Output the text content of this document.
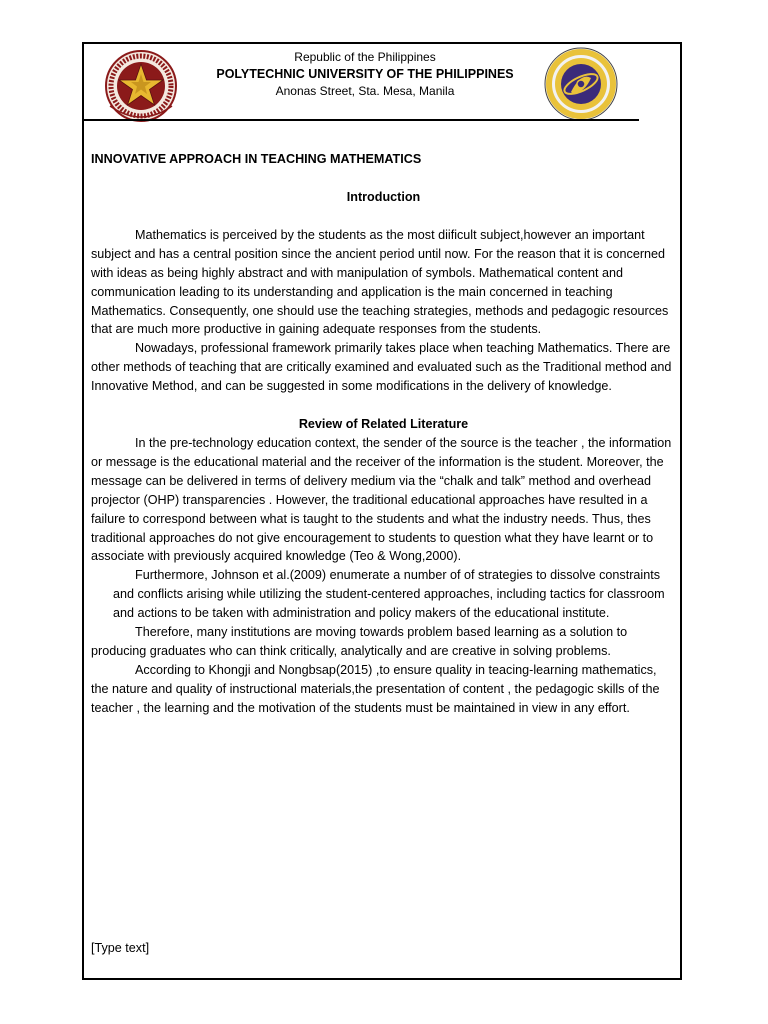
Republic of the Philippines
POLYTECHNIC UNIVERSITY OF THE PHILIPPINES
Anonas Street, Sta. Mesa, Manila
INNOVATIVE APPROACH IN TEACHING MATHEMATICS
Introduction

Mathematics is perceived by the students as the most diificult subject,however an important subject and has a central position since the ancient period until now. For the reason that it is concerned with ideas as being highly abstract and with manipulation of symbols. Mathematical content and communication leading to its understanding and application is the main concerned in teaching Mathematics. Consequently, one should use the teaching strategies, methods and pedagogic resources that are much more productive in gaining adequate responses from the students.

Nowadays, professional framework primarily takes place when teaching Mathematics. There are other methods of teaching that are critically examined and evaluated such as the Traditional method and Innovative Method, and can be suggested in some modifications in the delivery of knowledge.

Review of Related Literature

In the pre-technology education context, the sender of the source is the teacher , the information or message is the educational material and the receiver of the information is the student. Moreover, the message can be delivered in terms of delivery medium via the “chalk and talk” method and overhead projector (OHP) transparencies . However, the traditional educational approaches have resulted in a failure to correspond between what is taught to the students and what the industry needs. Thus, thes traditional approaches do not give encouragement to students to question what they have learnt or to associate with previously acquired knowledge (Teo & Wong,2000).

Furthermore, Johnson et al.(2009) enumerate a number of of strategies to dissolve constraints and conflicts arising while utilizing the student-centered approaches, including tactics for classroom and actions to be taken with administration and policy makers of the educational institute.

Therefore, many institutions are moving towards problem based learning as a solution to producing graduates who can think critically, analytically and are creative in solving problems.

According to Khongji and Nongbsap(2015) ,to ensure quality in teacing-learning mathematics, the nature and quality of instructional materials,the presentation of content , the pedagogic skills of the teacher , the learning and the motivation of the students must be maintained in view in any effort.

[Type text]
